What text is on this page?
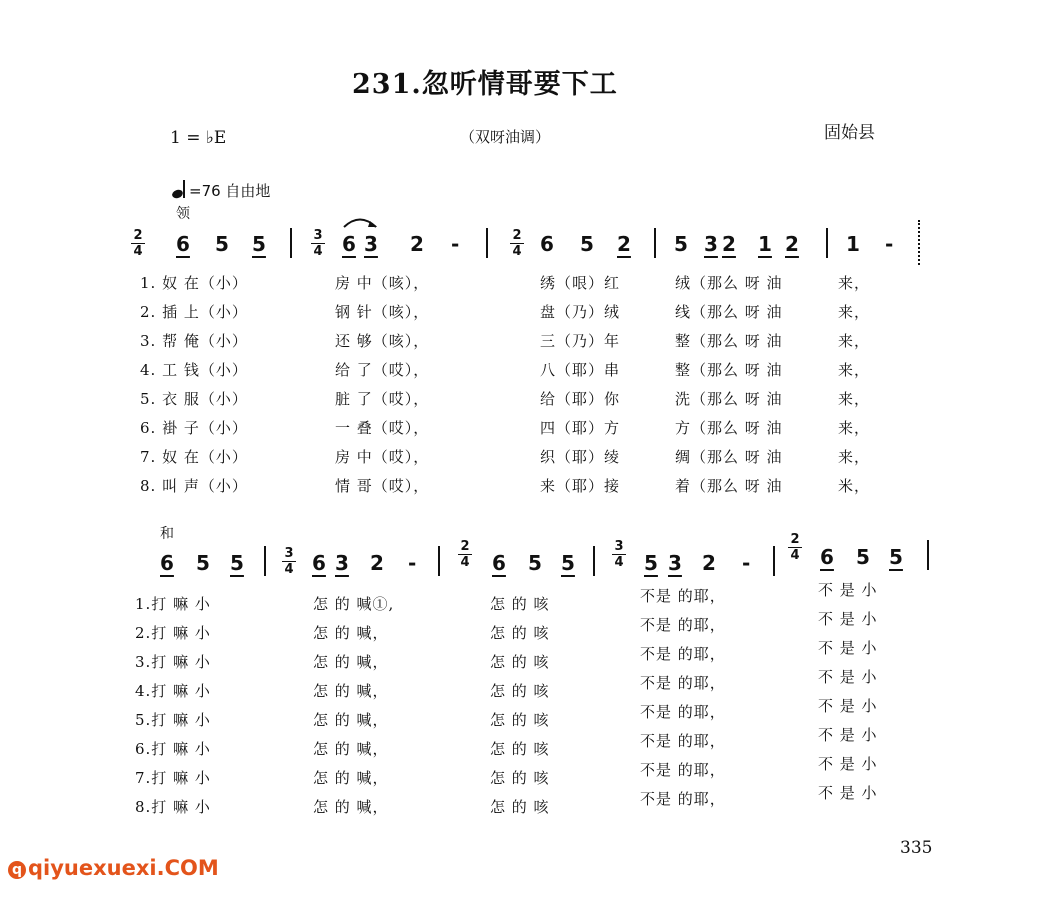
231.忽听情哥要下工
1 = ♭E	（双呀油调）	固始县
=76 自由地
领
2
4 6 5 5	3
4 6 3 2 -	2
4 6 5 2 5 3 2 1 2 1 -
1. 奴 在（小）	房 中（咳），	绣（哏）红	绒（那么 呀 油	来，
2. 插 上（小）	钢 针（咳），	盘（乃）绒	线（那么 呀 油	来，
3. 帮 俺（小）	还 够（咳），	三（乃）年	整（那么 呀 油	来，
4. 工 钱（小）	给 了（哎），	八（耶）串	整（那么 呀 油	来，
5. 衣 服（小）	脏 了（哎），	给（耶）你	洗（那么 呀 油	来，
6. 褂 子（小）	一 叠（哎），	四（耶）方	方（那么 呀 油	来，
7. 奴 在（小）	房 中（哎），	织（耶）绫	绸（那么 呀 油	来，
8. 叫 声（小）	情 哥（哎），	来（耶）接	着（那么 呀 油	米，
和
6 5 5	3
4 6 3 2 -
2
4 6 5 5
3
4 5 3 2 -
2
4 6 5 5
1.打 嘛 小	怎 的 喊①,	怎 的 咳	不是 的耶，	不 是 小
2.打 嘛 小	怎 的 喊，	怎 的 咳	不是 的耶，	不 是 小
3.打 嘛 小	怎 的 喊，	怎 的 咳	不是 的耶，	不 是 小
4.打 嘛 小	怎 的 喊，	怎 的 咳	不是 的耶，	不 是 小
5.打 嘛 小	怎 的 喊，	怎 的 咳	不是 的耶，	不 是 小
6.打 嘛 小	怎 的 喊，	怎 的 咳	不是 的耶，	不 是 小
7.打 嘛 小	怎 的 喊，	怎 的 咳	不是 的耶，	不 是 小
8.打 嘛 小	怎 的 喊，	怎 的 咳	不是 的耶，	不 是 小
335
q qiyuexuexi.COM
